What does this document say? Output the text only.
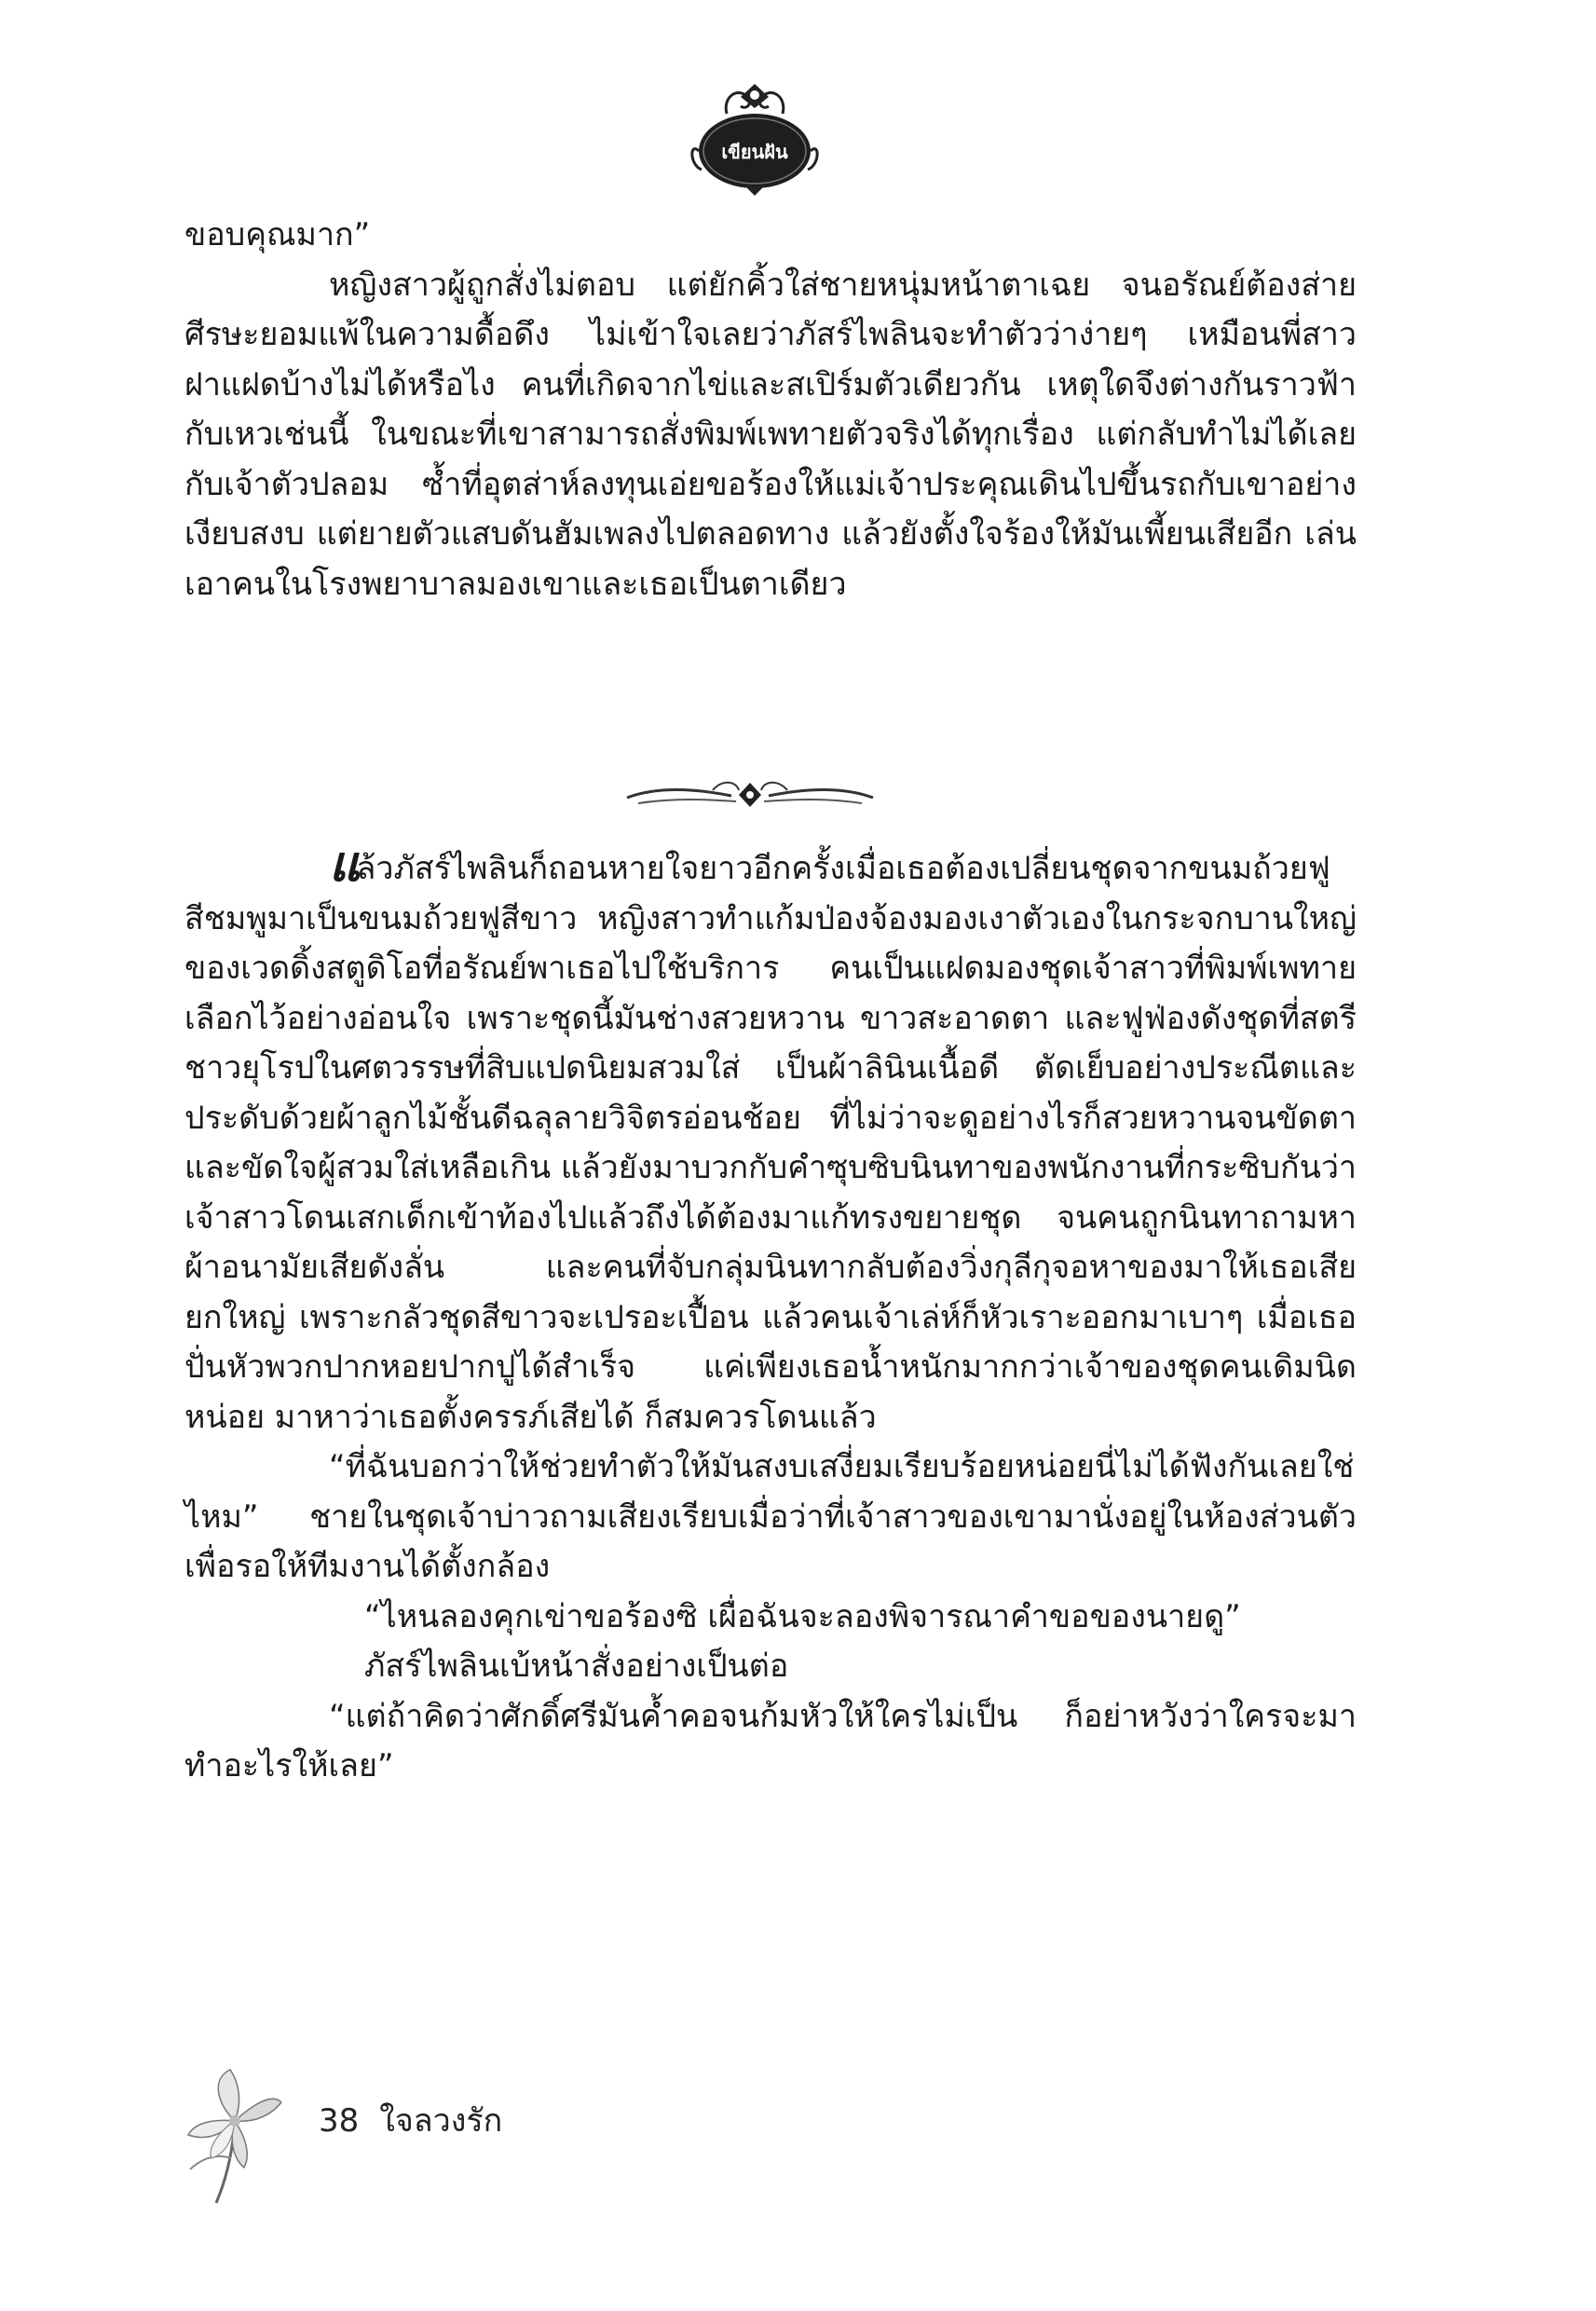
เขียนฝัน

ขอบคุณมาก”

หญิงสาวผู้ถูกสั่งไม่ตอบ แต่ยักคิ้วใส่ชายหนุ่มหน้าตาเฉย จนอรัณย์ต้องส่ายศีรษะยอมแพ้ในความดื้อดึง ไม่เข้าใจเลยว่าภัสร์ไพลินจะทำตัวว่าง่ายๆ เหมือนพี่สาวฝาแฝดบ้างไม่ได้หรือไง คนที่เกิดจากไข่และสเปิร์มตัวเดียวกัน เหตุใดจึงต่างกันราวฟ้ากับเหวเช่นนี้ ในขณะที่เขาสามารถสั่งพิมพ์เพทายตัวจริงได้ทุกเรื่อง แต่กลับทำไม่ได้เลยกับเจ้าตัวปลอม ซ้ำที่อุตส่าห์ลงทุนเอ่ยขอร้องให้แม่เจ้าประคุณเดินไปขึ้นรถกับเขาอย่างเงียบสงบ แต่ยายตัวแสบดันฮัมเพลงไปตลอดทาง แล้วยังตั้งใจร้องให้มันเพี้ยนเสียอีก เล่นเอาคนในโรงพยาบาลมองเขาและเธอเป็นตาเดียว

แล้วภัสร์ไพลินก็ถอนหายใจยาวอีกครั้งเมื่อเธอต้องเปลี่ยนชุดจากขนมถ้วยฟูสีชมพูมาเป็นขนมถ้วยฟูสีขาว หญิงสาวทำแก้มป่องจ้องมองเงาตัวเองในกระจกบานใหญ่ของเวดดิ้งสตูดิโอที่อรัณย์พาเธอไปใช้บริการ คนเป็นแฝดมองชุดเจ้าสาวที่พิมพ์เพทายเลือกไว้อย่างอ่อนใจ เพราะชุดนี้มันช่างสวยหวาน ขาวสะอาดตา และฟูฟ่องดังชุดที่สตรีชาวยุโรปในศตวรรษที่สิบแปดนิยมสวมใส่ เป็นผ้าลินินเนื้อดี ตัดเย็บอย่างประณีตและประดับด้วยผ้าลูกไม้ชั้นดีฉลุลายวิจิตรอ่อนช้อย ที่ไม่ว่าจะดูอย่างไรก็สวยหวานจนขัดตาและขัดใจผู้สวมใส่เหลือเกิน แล้วยังมาบวกกับคำซุบซิบนินทาของพนักงานที่กระซิบกันว่าเจ้าสาวโดนเสกเด็กเข้าท้องไปแล้วถึงได้ต้องมาแก้ทรงขยายชุด จนคนถูกนินทาถามหาผ้าอนามัยเสียดังลั่น และคนที่จับกลุ่มนินทากลับต้องวิ่งกุลีกุจอหาของมาให้เธอเสียยกใหญ่ เพราะกลัวชุดสีขาวจะเปรอะเปื้อน แล้วคนเจ้าเล่ห์ก็หัวเราะออกมาเบาๆ เมื่อเธอปั่นหัวพวกปากหอยปากปูได้สำเร็จ แค่เพียงเธอน้ำหนักมากกว่าเจ้าของชุดคนเดิมนิดหน่อย มาหาว่าเธอตั้งครรภ์เสียได้ ก็สมควรโดนแล้ว

“ที่ฉันบอกว่าให้ช่วยทำตัวให้มันสงบเสงี่ยมเรียบร้อยหน่อยนี่ไม่ได้ฟังกันเลยใช่ไหม” ชายในชุดเจ้าบ่าวถามเสียงเรียบเมื่อว่าที่เจ้าสาวของเขามานั่งอยู่ในห้องส่วนตัวเพื่อรอให้ทีมงานได้ตั้งกล้อง

“ไหนลองคุกเข่าขอร้องซิ เผื่อฉันจะลองพิจารณาคำขอของนายดู”

ภัสร์ไพลินเบ้หน้าสั่งอย่างเป็นต่อ

“แต่ถ้าคิดว่าศักดิ์ศรีมันค้ำคอจนก้มหัวให้ใครไม่เป็น ก็อย่าหวังว่าใครจะมาทำอะไรให้เลย”

38 ใจลวงรัก
